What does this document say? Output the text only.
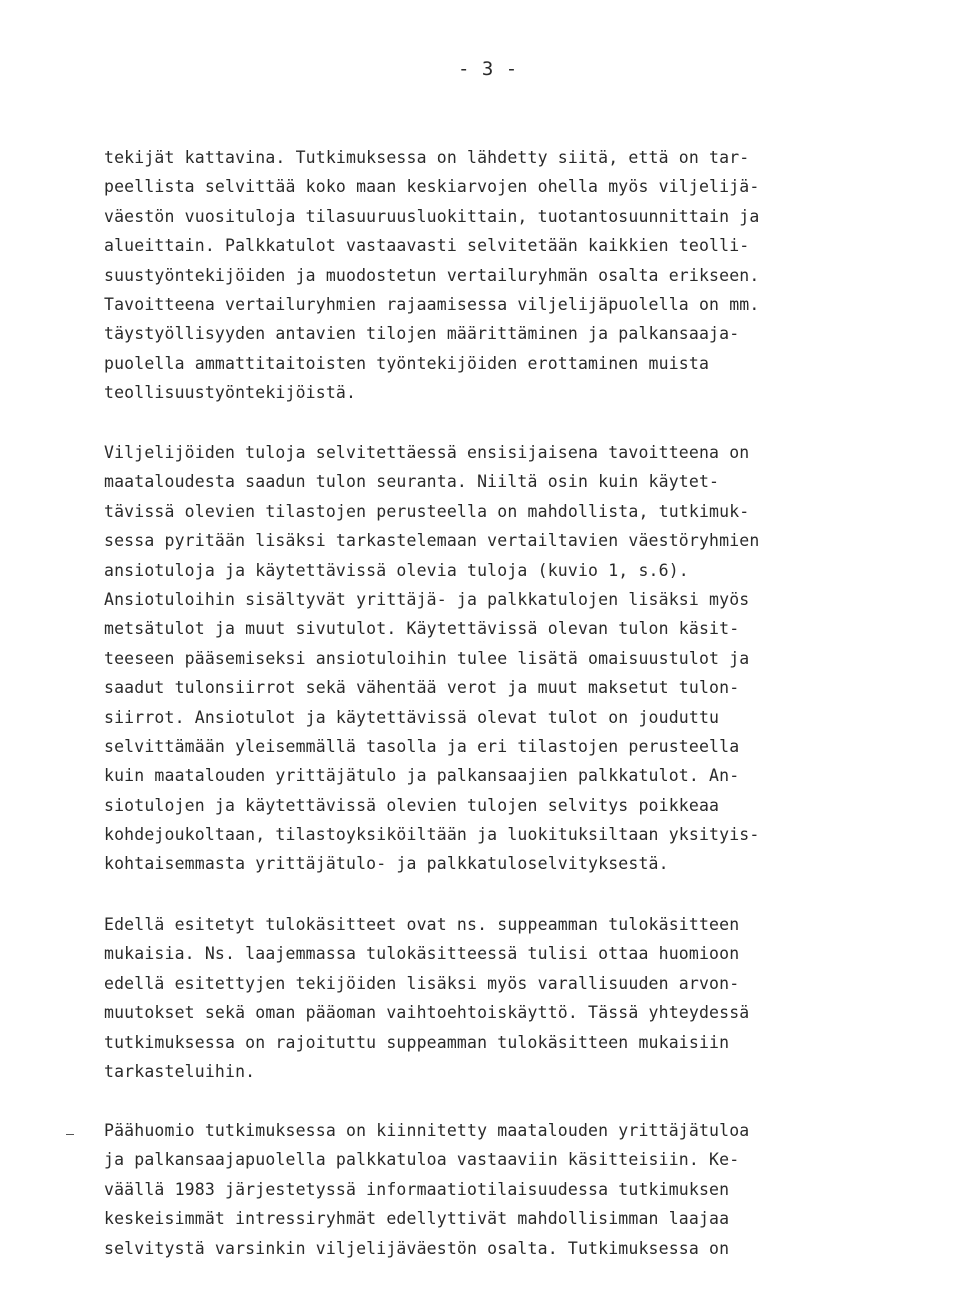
- 3 -

tekijät kattavina. Tutkimuksessa on lähdetty siitä, että on tar-
peellista selvittää koko maan keskiarvojen ohella myös viljelijä-
väestön vuosituloja tilasuuruusluokittain, tuotantosuunnittain ja
alueittain. Palkkatulot vastaavasti selvitetään kaikkien teolli-
suustyöntekijöiden ja muodostetun vertailuryhmän osalta erikseen.
Tavoitteena vertailuryhmien rajaamisessa viljelijäpuolella on mm.
täystyöllisyyden antavien tilojen määrittäminen ja palkansaaja-
puolella ammattitaitoisten työntekijöiden erottaminen muista
teollisuustyöntekijöistä.

Viljelijöiden tuloja selvitettäessä ensisijaisena tavoitteena on
maataloudesta saadun tulon seuranta. Niiltä osin kuin käytet-
tävissä olevien tilastojen perusteella on mahdollista, tutkimuk-
sessa pyritään lisäksi tarkastelemaan vertailtavien väestöryhmien
ansiotuloja ja käytettävissä olevia tuloja (kuvio 1, s.6).
Ansiotuloihin sisältyvät yrittäjä- ja palkkatulojen lisäksi myös
metsätulot ja muut sivutulot. Käytettävissä olevan tulon käsit-
teeseen pääsemiseksi ansiotuloihin tulee lisätä omaisuustulot ja
saadut tulonsiirrot sekä vähentää verot ja muut maksetut tulon-
siirrot. Ansiotulot ja käytettävissä olevat tulot on jouduttu
selvittämään yleisemmällä tasolla ja eri tilastojen perusteella
kuin maatalouden yrittäjätulo ja palkansaajien palkkatulot. An-
siotulojen ja käytettävissä olevien tulojen selvitys poikkeaa
kohdejoukoltaan, tilastoyksiköiltään ja luokituksiltaan yksityis-
kohtaisemmasta yrittäjätulo- ja palkkatuloselvityksestä.

Edellä esitetyt tulokäsitteet ovat ns. suppeamman tulokäsitteen
mukaisia. Ns. laajemmassa tulokäsitteessä tulisi ottaa huomioon
edellä esitettyjen tekijöiden lisäksi myös varallisuuden arvon-
muutokset sekä oman pääoman vaihtoehtoiskäyttö. Tässä yhteydessä
tutkimuksessa on rajoituttu suppeamman tulokäsitteen mukaisiin
tarkasteluihin.

Päähuomio tutkimuksessa on kiinnitetty maatalouden yrittäjätuloa
ja palkansaajapuolella palkkatuloa vastaaviin käsitteisiin. Ke-
väällä 1983 järjestetyssä informaatiotilaisuudessa tutkimuksen
keskeisimmät intressiryhmät edellyttivät mahdollisimman laajaa
selvitystä varsinkin viljelijäväestön osalta. Tutkimuksessa on
